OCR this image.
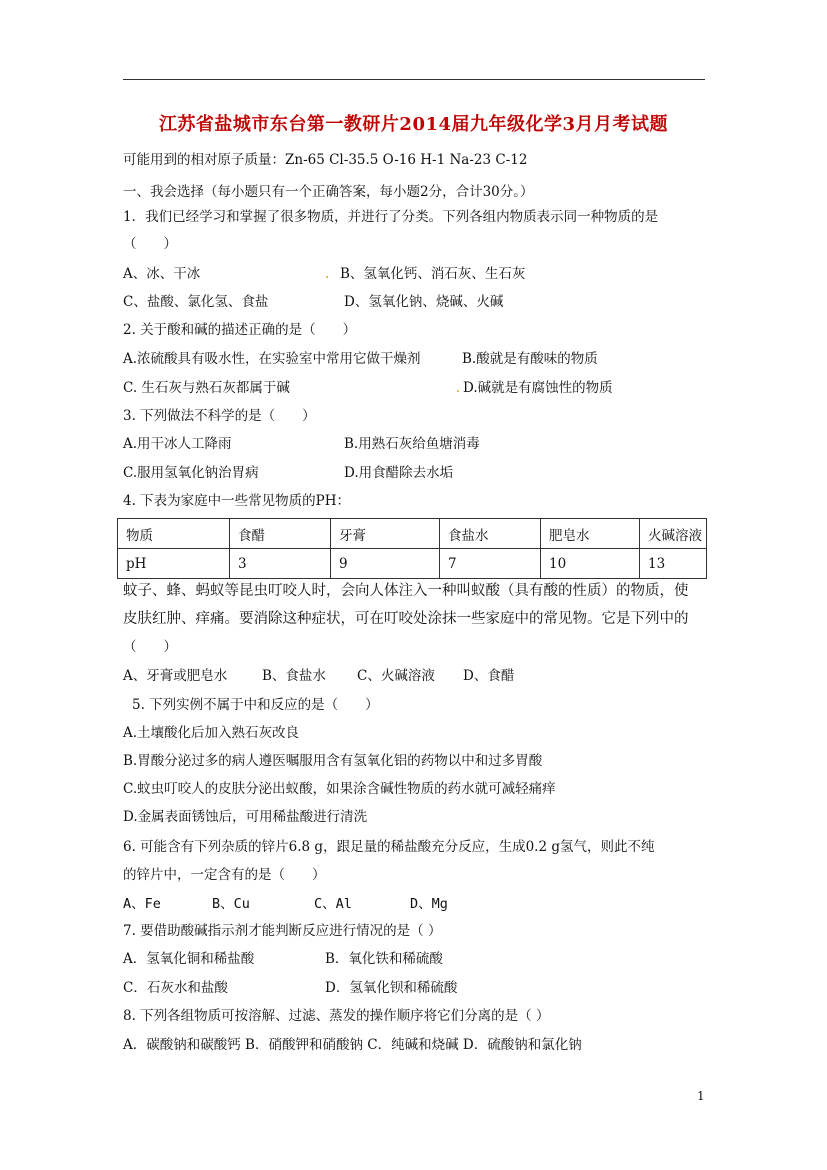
江苏省盐城市东台第一教研片2014届九年级化学3月月考试题
可能用到的相对原子质量：Zn-65 Cl-35.5 O-16 H-1 Na-23 C-12
一、我会选择（每小题只有一个正确答案，每小题2分，合计30分。）
1．我们已经学习和掌握了很多物质，并进行了分类。下列各组内物质表示同一种物质的是
（　　）
A、冰、干冰	. B、氢氧化钙、消石灰、生石灰
C、盐酸、氯化氢、食盐	D、氢氧化钠、烧碱、火碱
2. 关于酸和碱的描述正确的是（　　）
A.浓硫酸具有吸水性，在实验室中常用它做干燥剂	B.酸就是有酸味的物质
C. 生石灰与熟石灰都属于碱	. D.碱就是有腐蚀性的物质
3. 下列做法不科学的是（　　）
A.用干冰人工降雨	B.用熟石灰给鱼塘消毒
C.服用氢氧化钠治胃病	D.用食醋除去水垢
4. 下表为家庭中一些常见物质的PH：
物质	食醋	牙膏	食盐水	肥皂水	火碱溶液
pH	3	9	7	10	13
蚊子、蜂、蚂蚁等昆虫叮咬人时，会向人体注入一种叫蚁酸（具有酸的性质）的物质，使
皮肤红肿、痒痛。要消除这种症状，可在叮咬处涂抹一些家庭中的常见物。它是下列中的
（　　）
A、牙膏或肥皂水	B、食盐水 C、火碱溶液 D、食醋
5. 下列实例不属于中和反应的是（　　）
A.土壤酸化后加入熟石灰改良
B.胃酸分泌过多的病人遵医嘱服用含有氢氧化铝的药物以中和过多胃酸
C.蚊虫叮咬人的皮肤分泌出蚁酸，如果涂含碱性物质的药水就可减轻痛痒
D.金属表面锈蚀后，可用稀盐酸进行清洗
6. 可能含有下列杂质的锌片6.8 g，跟足量的稀盐酸充分反应，生成0.2 g氢气，则此不纯
的锌片中，一定含有的是（　　）
A、Fe	B、Cu	C、Al	D、Mg
7. 要借助酸碱指示剂才能判断反应进行情况的是（ ）
A．氢氧化铜和稀盐酸	B．氧化铁和稀硫酸
C．石灰水和盐酸	D．氢氧化钡和稀硫酸
8. 下列各组物质可按溶解、过滤、蒸发的操作顺序将它们分离的是（ ）
A．碳酸钠和碳酸钙 B．硝酸钾和硝酸钠 C．纯碱和烧碱 D．硫酸钠和氯化钠
1
